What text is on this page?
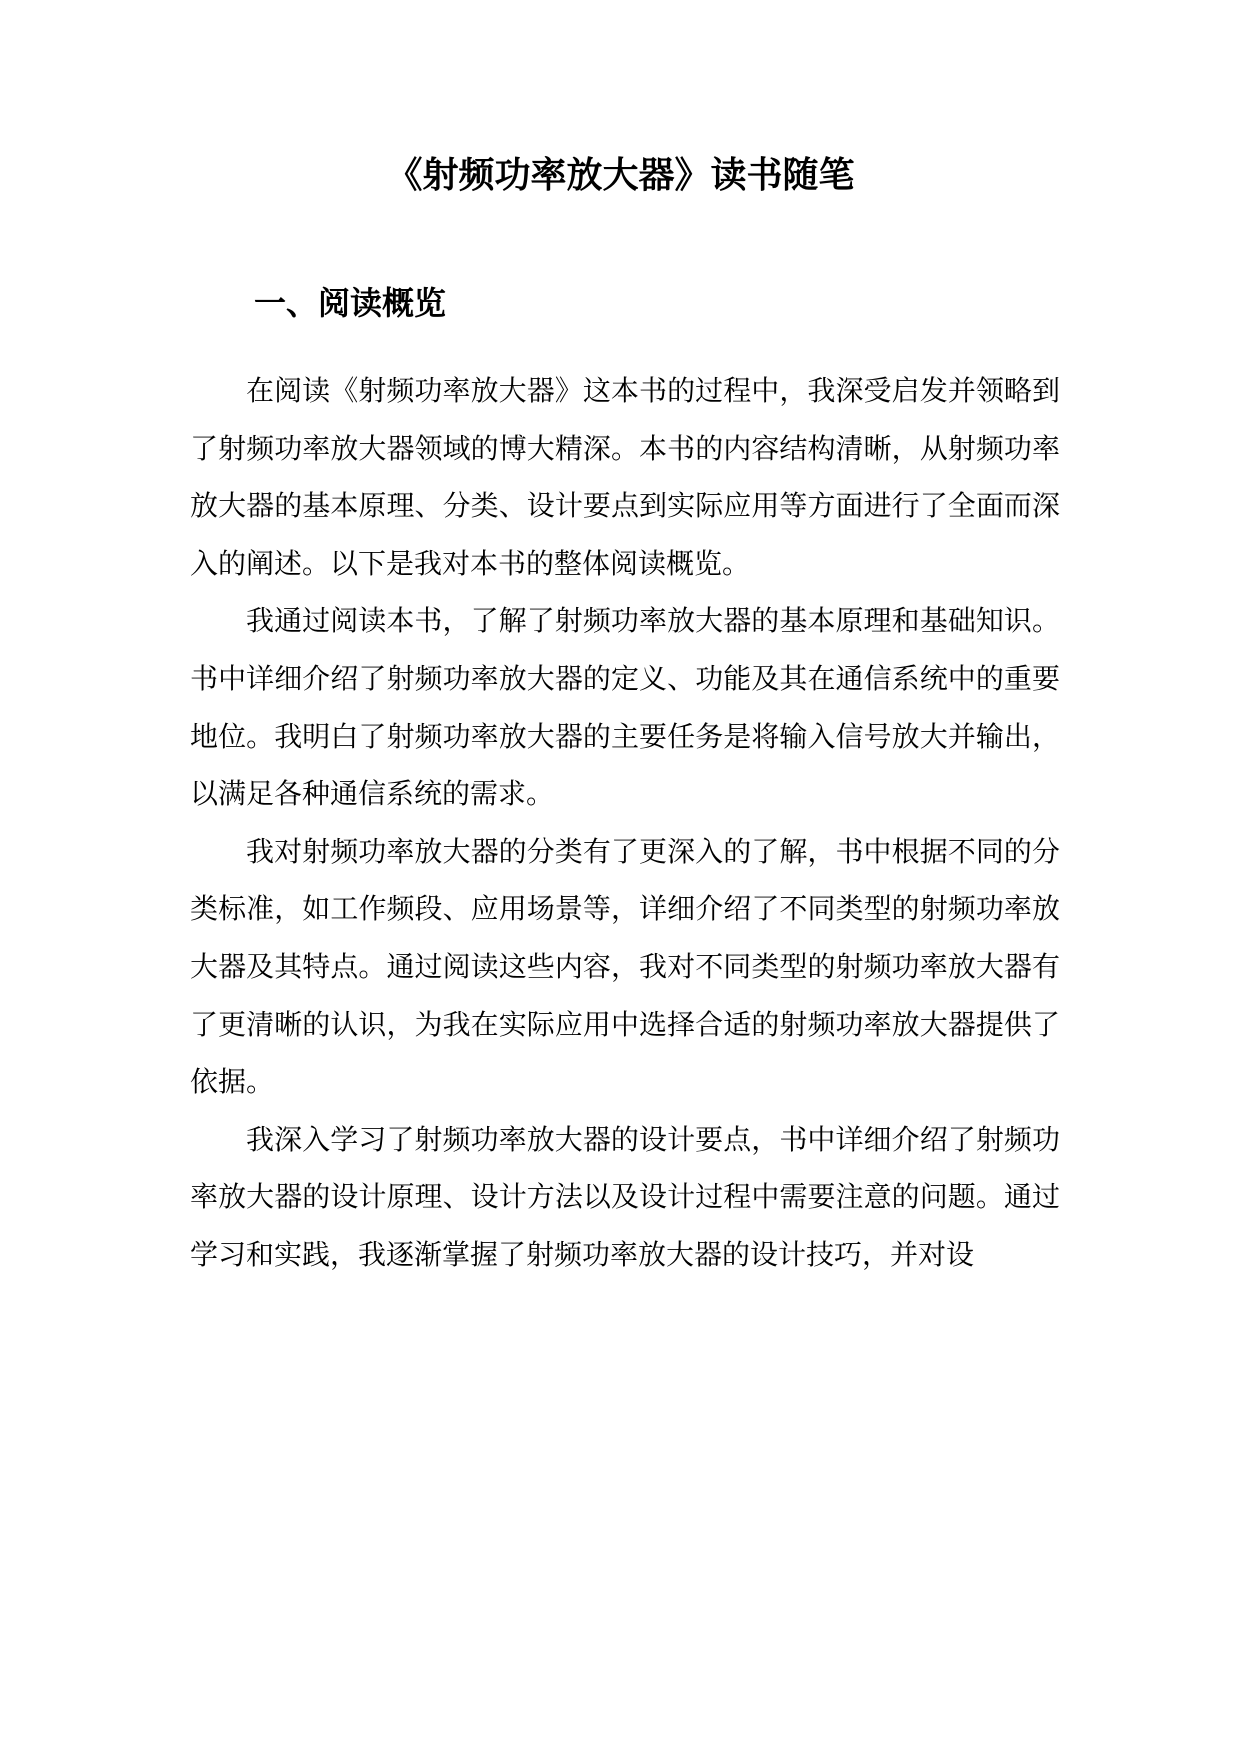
《射频功率放大器》读书随笔
一、阅读概览

在阅读《射频功率放大器》这本书的过程中，我深受启发并领略到了射频功率放大器领域的博大精深。本书的内容结构清晰，从射频功率放大器的基本原理、分类、设计要点到实际应用等方面进行了全面而深入的阐述。以下是我对本书的整体阅读概览。

我通过阅读本书，了解了射频功率放大器的基本原理和基础知识。书中详细介绍了射频功率放大器的定义、功能及其在通信系统中的重要地位。我明白了射频功率放大器的主要任务是将输入信号放大并输出，以满足各种通信系统的需求。

我对射频功率放大器的分类有了更深入的了解，书中根据不同的分类标准，如工作频段、应用场景等，详细介绍了不同类型的射频功率放大器及其特点。通过阅读这些内容，我对不同类型的射频功率放大器有了更清晰的认识，为我在实际应用中选择合适的射频功率放大器提供了依据。

我深入学习了射频功率放大器的设计要点，书中详细介绍了射频功率放大器的设计原理、设计方法以及设计过程中需要注意的问题。通过学习和实践，我逐渐掌握了射频功率放大器的设计技巧，并对设
